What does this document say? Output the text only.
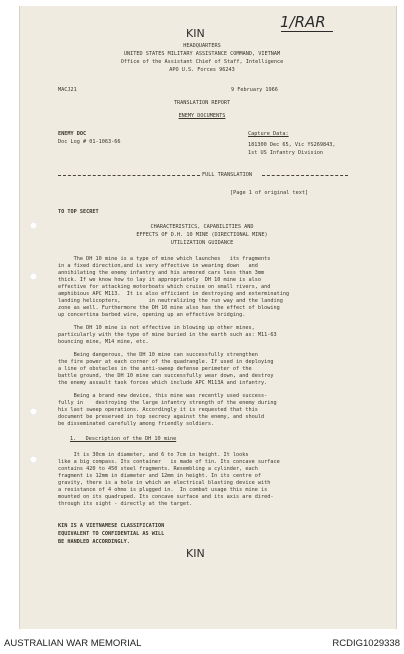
1/RAR
KIN
HEADQUARTERS
UNITED STATES MILITARY ASSISTANCE COMMAND, VIETNAM
Office of the Assistant Chief of Staff, Intelligence
APO U.S. Forces 96243
MACJ21	9 February 1966
TRANSLATION REPORT
ENEMY DOCUMENTS
ENEMY DOC
Doc Log # 01-1063-66
Capture Data:
181300 Dec 65, Vic YS269843,
1st US Infantry Division
FULL TRANSLATION
[Page 1 of original text]
TO TOP SECRET
CHARACTERISTICS, CAPABILITIES AND
EFFECTS OF D.H. 10 MINE (DIRECTIONAL MINE)
UTILIZATION GUIDANCE
The DH 10 mine is a type of mine which launches   its fragments
in a fixed direction,and is very effective in wearing down   and
annihilating the enemy infantry and his armored cars less than 3mm
thick. If we know how to lay it appropriately  DH 10 mine is also
effective for attacking motorboats which cruise on small rivers, and
amphibious APC M113.  It is also efficient in destroying and exterminating
landing helicopters,         in neutralizing the run way and the landing
zone as well. Furthermore the DH 10 mine also has the effect of blowing
up concertina barbed wire, opening up an effective bridging.
The DH 10 mine is not effective in blowing up other mines,
particularly with the type of mine buried in the earth such as: M11-63
bouncing mine, M14 mine, etc.
Being dangerous, the DH 10 mine can successfully strengthen
the fire power at each corner of the quadrangle. If used in deploying
a line of obstacles in the anti-sweep defense perimeter of the
battle ground, the DH 10 mine can successfully wear down, and destroy
the enemy assault task forces which include APC M113A and infantry.
Being a brand new device, this mine was recently used success-
fully in    destroying the large infantry strength of the enemy during
his last sweep operations. Accordingly it is requested that this
document be preserved in top secrecy against the enemy, and should
be disseminated carefully among friendly soldiers.
1.   Description of the DH 10 mine
It is 30cm in diameter, and 6 to 7cm in height. It looks
like a big compass. Its container   is made of tin. Its concave surface
contains 420 to 450 steel fragments. Resembling a cylinder, each
fragment is 12mm in diameter and 12mm in height. In its centre of
gravity, there is a hole in which an electrical blasting device with
a resistance of 4 ohms is plugged in.  In combat usage this mine is
mounted on its quadruped. Its concave surface and its axis are dired-
through its sight - directly at the target.
KIN IS A VIETNAMESE CLASSIFICATION
EQUIVALENT TO CONFIDENTIAL AS WILL
BE HANDLED ACCORDINGLY.
KIN
AUSTRALIAN WAR MEMORIAL	RCDIG1029338
